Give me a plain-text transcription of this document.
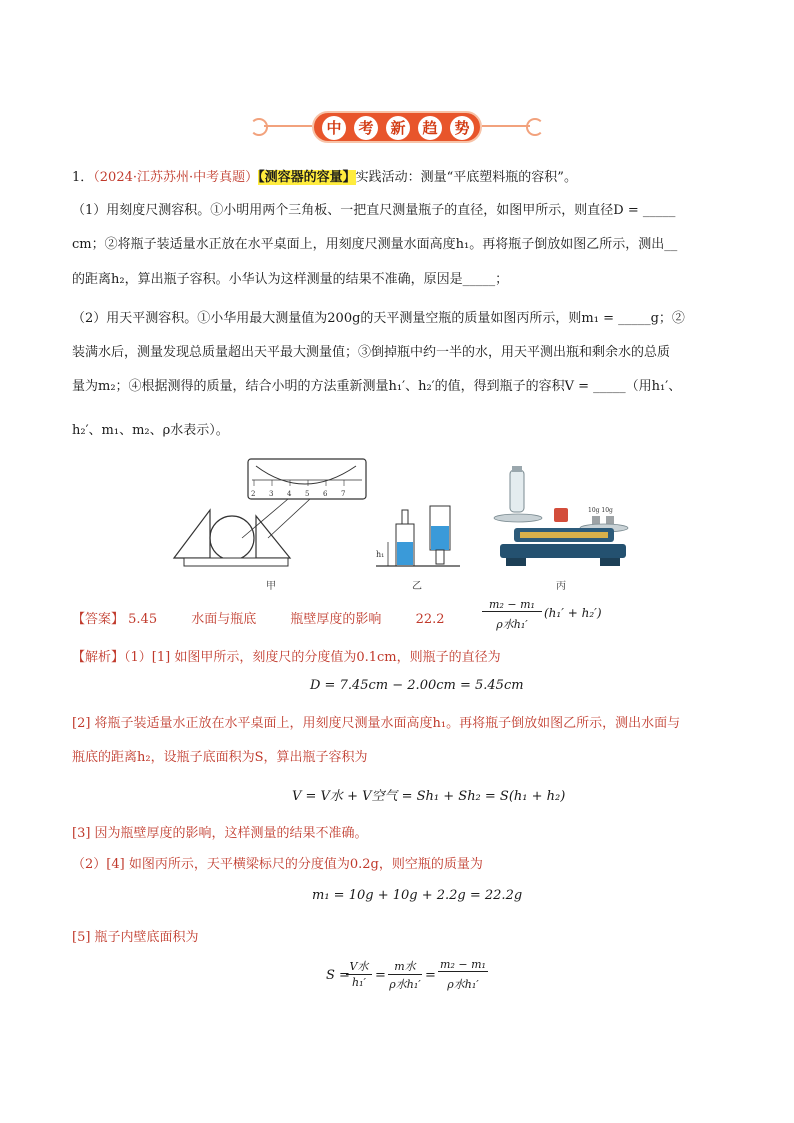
中	考	新	趋	势
1．（2024·江苏苏州·中考真题）【测容器的容量】实践活动：测量“平底塑料瓶的容积”。
（1）用刻度尺测容积。①小明用两个三角板、一把直尺测量瓶子的直径，如图甲所示，则直径D = _____
cm；②将瓶子装适量水正放在水平桌面上，用刻度尺测量水面高度h₁。再将瓶子倒放如图乙所示，测出__
的距离h₂，算出瓶子容积。小华认为这样测量的结果不准确，原因是_____；
（2）用天平测容积。①小华用最大测量值为200g的天平测量空瓶的质量如图丙所示，则m₁ = _____g；②
装满水后，测量发现总质量超出天平最大测量值；③倒掉瓶中约一半的水，用天平测出瓶和剩余水的总质
量为m₂；④根据测得的质量，结合小明的方法重新测量h₁′、h₂′的值，得到瓶子的容积V = _____（用h₁′、
h₂′、m₁、m₂、ρ水表示）。
2 3 4 5 6 7
甲
h₁
乙
10g 10g
丙
【答案】 5.45	水面与瓶底	瓶壁厚度的影响	22.2
m₂ − m₁
ρ水h₁′
(h₁′ + h₂′)
【解析】（1）[1] 如图甲所示，刻度尺的分度值为0.1cm，则瓶子的直径为
D = 7.45cm − 2.00cm = 5.45cm
[2] 将瓶子装适量水正放在水平桌面上，用刻度尺测量水面高度h₁。再将瓶子倒放如图乙所示，测出水面与
瓶底的距离h₂，设瓶子底面积为S，算出瓶子容积为
V = V水 + V空气 = Sh₁ + Sh₂ = S(h₁ + h₂)
[3] 因为瓶壁厚度的影响，这样测量的结果不准确。
（2）[4] 如图丙所示，天平横梁标尺的分度值为0.2g，则空瓶的质量为
m₁ = 10g + 10g + 2.2g = 22.2g
[5] 瓶子内壁底面积为
S =
V水
h₁′ =
m水
ρ水h₁′
=
m₂ − m₁
ρ水h₁′
